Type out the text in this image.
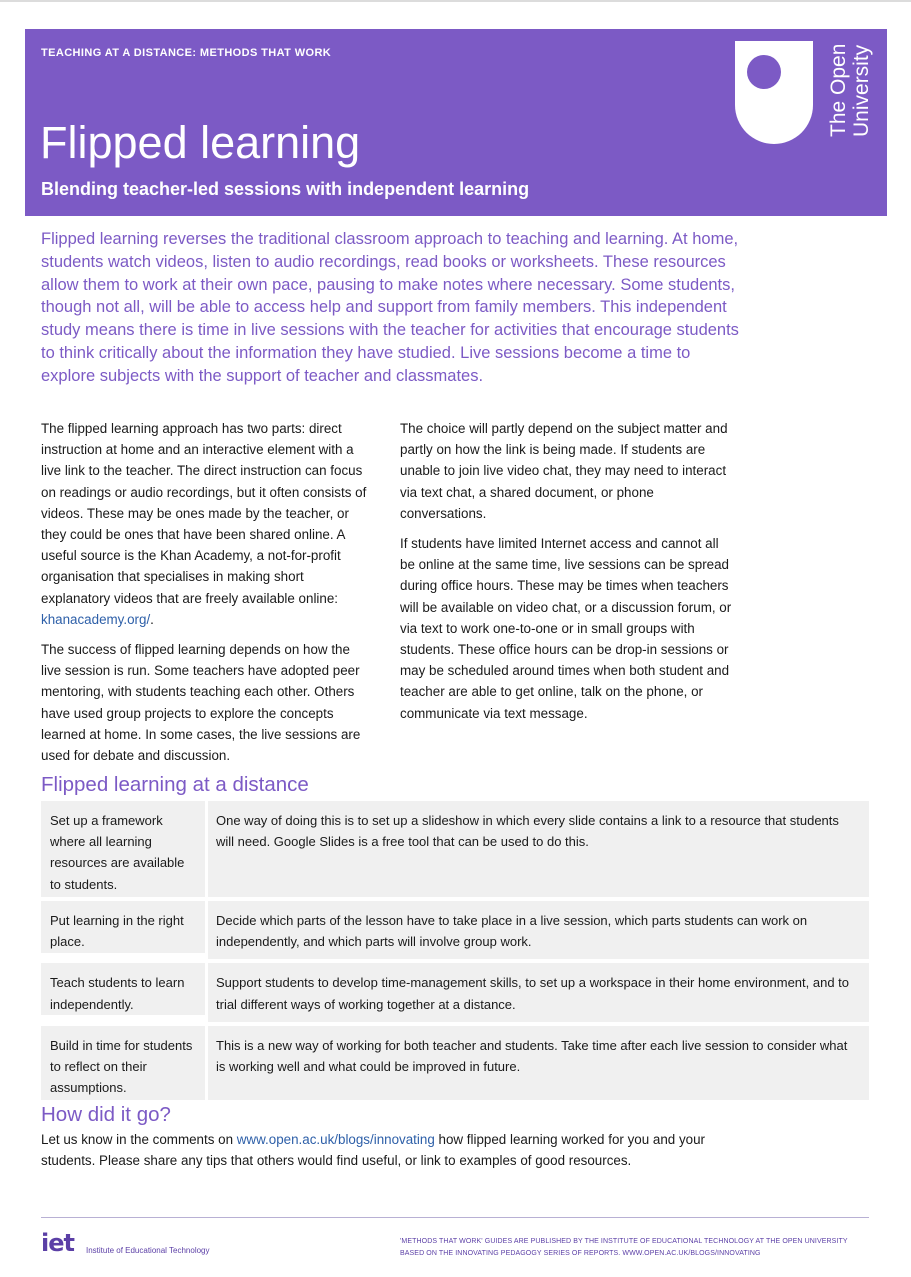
TEACHING AT A DISTANCE: METHODS THAT WORK
Flipped learning
Blending teacher-led sessions with independent learning
The Open University

Flipped learning reverses the traditional classroom approach to teaching and learning. At home, students watch videos, listen to audio recordings, read books or worksheets. These resources allow them to work at their own pace, pausing to make notes where necessary. Some students, though not all, will be able to access help and support from family members. This independent study means there is time in live sessions with the teacher for activities that encourage students to think critically about the information they have studied. Live sessions become a time to explore subjects with the support of teacher and classmates.

The flipped learning approach has two parts: direct instruction at home and an interactive element with a live link to the teacher. The direct instruction can focus on readings or audio recordings, but it often consists of videos. These may be ones made by the teacher, or they could be ones that have been shared online. A useful source is the Khan Academy, a not-for-profit organisation that specialises in making short explanatory videos that are freely available online: khanacademy.org/.

The success of flipped learning depends on how the live session is run. Some teachers have adopted peer mentoring, with students teaching each other. Others have used group projects to explore the concepts learned at home. In some cases, the live sessions are used for debate and discussion.

The choice will partly depend on the subject matter and partly on how the link is being made. If students are unable to join live video chat, they may need to interact via text chat, a shared document, or phone conversations.

If students have limited Internet access and cannot all be online at the same time, live sessions can be spread during office hours. These may be times when teachers will be available on video chat, or a discussion forum, or via text to work one-to-one or in small groups with students. These office hours can be drop-in sessions or may be scheduled around times when both student and teacher are able to get online, talk on the phone, or communicate via text message.

Flipped learning at a distance
Set up a framework where all learning resources are available to students.
One way of doing this is to set up a slideshow in which every slide contains a link to a resource that students will need. Google Slides is a free tool that can be used to do this.
Put learning in the right place.
Decide which parts of the lesson have to take place in a live session, which parts students can work on independently, and which parts will involve group work.
Teach students to learn independently.
Support students to develop time-management skills, to set up a workspace in their home environment, and to trial different ways of working together at a distance.
Build in time for students to reflect on their assumptions.
This is a new way of working for both teacher and students. Take time after each live session to consider what is working well and what could be improved in future.
How did it go?

Let us know in the comments on www.open.ac.uk/blogs/innovating how flipped learning worked for you and your students. Please share any tips that others would find useful, or link to examples of good resources.

iet Institute of Educational Technology
'METHODS THAT WORK' GUIDES ARE PUBLISHED BY THE INSTITUTE OF EDUCATIONAL TECHNOLOGY AT THE OPEN UNIVERSITY BASED ON THE INNOVATING PEDAGOGY SERIES OF REPORTS. WWW.OPEN.AC.UK/BLOGS/INNOVATING
